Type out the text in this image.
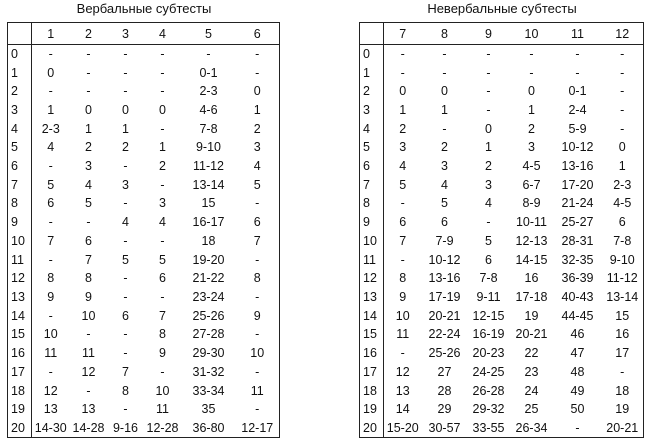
Вербальные субтесты	Невербальные субтесты
	1	2	3	4	5	6
0	-	-	-	-	-	-
1	0	-	-	-	0-1	-
2	-	-	-	-	2-3	0
3	1	0	0	0	4-6	1
4	2-3	1	1	-	7-8	2
5	4	2	2	1	9-10	3
6	-	3	-	2	11-12	4
7	5	4	3	-	13-14	5
8	6	5	-	3	15	-
9	-	-	4	4	16-17	6
10	7	6	-	-	18	7
11	-	7	5	5	19-20	-
12	8	8	-	6	21-22	8
13	9	9	-	-	23-24	-
14	-	10	6	7	25-26	9
15	10	-	-	8	27-28	-
16	11	11	-	9	29-30	10
17	-	12	7	-	31-32	-
18	12	-	8	10	33-34	11
19	13	13	-	11	35	-
20	14-30	14-28	9-16	12-28	36-80	12-17
	7	8	9	10	11	12
0	-	-	-	-	-	-
1	-	-	-	-	-	-
2	0	0	-	0	0-1	-
3	1	1	-	1	2-4	-
4	2	-	0	2	5-9	-
5	3	2	1	3	10-12	0
6	4	3	2	4-5	13-16	1
7	5	4	3	6-7	17-20	2-3
8	-	5	4	8-9	21-24	4-5
9	6	6	-	10-11	25-27	6
10	7	7-9	5	12-13	28-31	7-8
11	-	10-12	6	14-15	32-35	9-10
12	8	13-16	7-8	16	36-39	11-12
13	9	17-19	9-11	17-18	40-43	13-14
14	10	20-21	12-15	19	44-45	15
15	11	22-24	16-19	20-21	46	16
16	-	25-26	20-23	22	47	17
17	12	27	24-25	23	48	-
18	13	28	26-28	24	49	18
19	14	29	29-32	25	50	19
20	15-20	30-57	33-55	26-34	-	20-21
